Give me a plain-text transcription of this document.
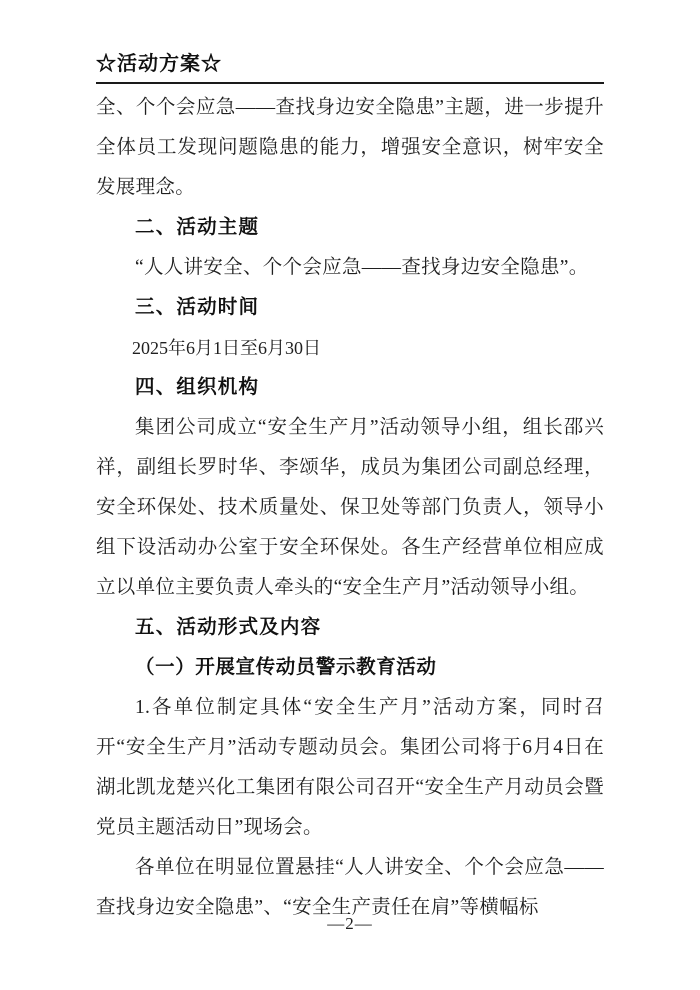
☆活动方案☆

全、个个会应急——查找身边安全隐患”主题，进一步提升全体员工发现问题隐患的能力，增强安全意识，树牢安全发展理念。

二、活动主题

“人人讲安全、个个会应急——查找身边安全隐患”。

三、活动时间

2025年6月1日至6月30日

四、组织机构

集团公司成立“安全生产月”活动领导小组，组长邵兴祥，副组长罗时华、李颂华，成员为集团公司副总经理，安全环保处、技术质量处、保卫处等部门负责人，领导小组下设活动办公室于安全环保处。各生产经营单位相应成立以单位主要负责人牵头的“安全生产月”活动领导小组。

五、活动形式及内容

（一）开展宣传动员警示教育活动

1.各单位制定具体“安全生产月”活动方案，同时召开“安全生产月”活动专题动员会。集团公司将于6月4日在湖北凯龙楚兴化工集团有限公司召开“安全生产月动员会暨党员主题活动日”现场会。

各单位在明显位置悬挂“人人讲安全、个个会应急——查找身边安全隐患”、“安全生产责任在肩”等横幅标

—2—
